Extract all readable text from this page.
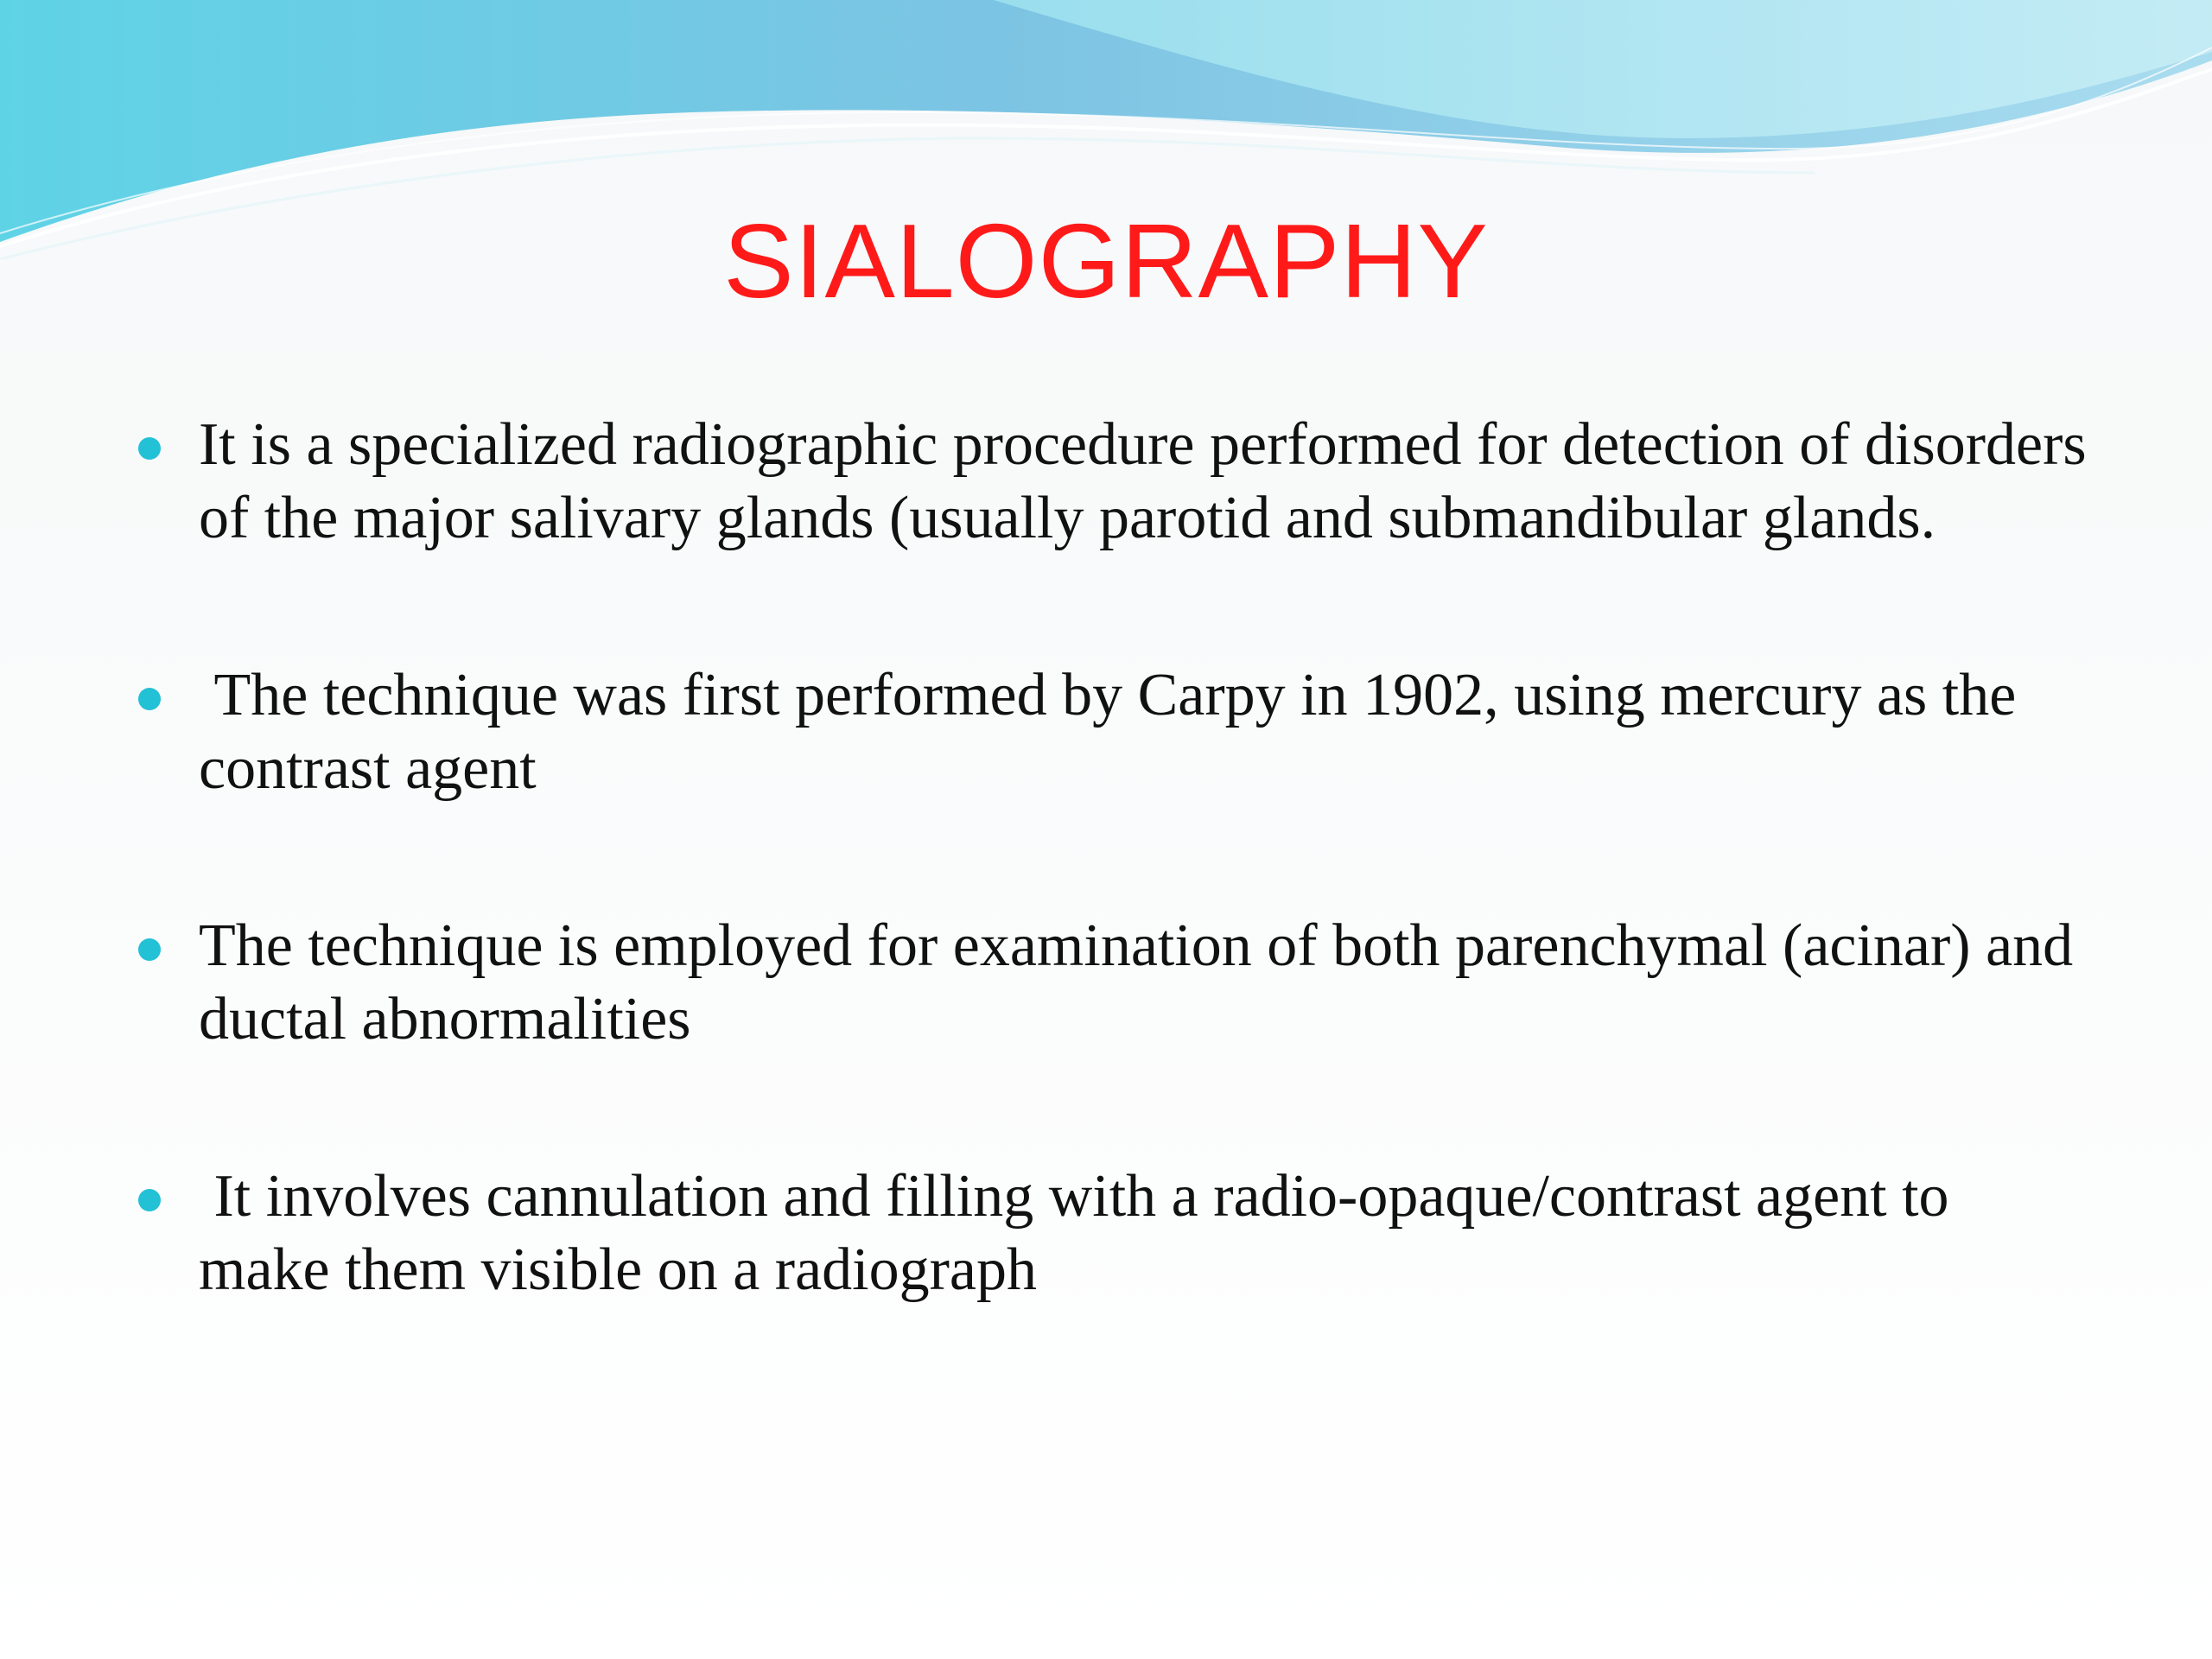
SIALOGRAPHY
It is a specialized radiographic procedure performed for detection of disorders of the major salivary glands (usually parotid and submandibular glands.
The technique was first performed by Carpy in 1902, using mercury as the contrast agent
The technique is employed for examination of both parenchymal (acinar) and ductal abnormalities
It involves cannulation and filling with a radio-opaque/contrast agent to make them visible on a radiograph
